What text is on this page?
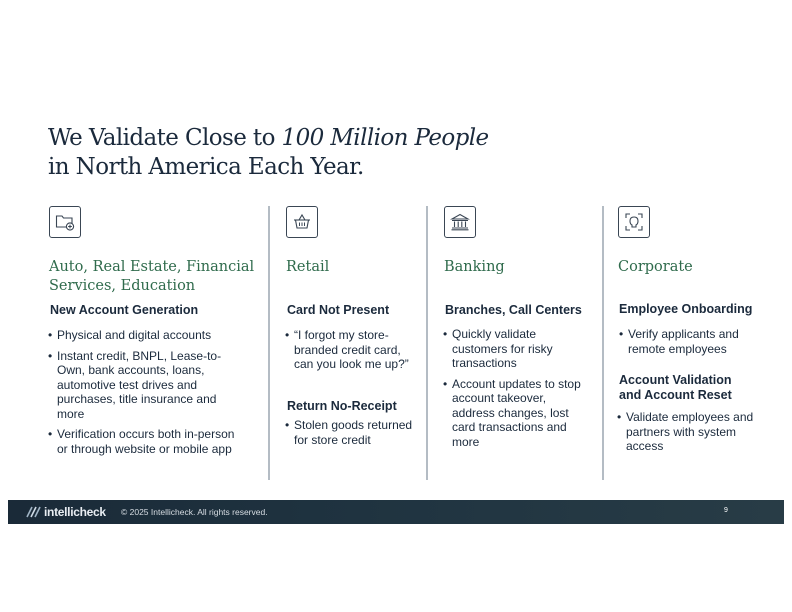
We Validate Close to 100 Million People
in North America Each Year.
Auto, Real Estate, Financial
Services, Education
New Account Generation
• Physical and digital accounts
• Instant credit, BNPL, Lease-to-Own, bank accounts, loans, automotive test drives and purchases, title insurance and more
• Verification occurs both in-person or through website or mobile app
Retail
Card Not Present
• “I forgot my store-branded credit card, can you look me up?”
Return No-Receipt
• Stolen goods returned for store credit
Banking
Branches, Call Centers
• Quickly validate customers for risky transactions
• Account updates to stop account takeover, address changes, lost card transactions and more
Corporate
Employee Onboarding
• Verify applicants and remote employees
Account Validation
and Account Reset
• Validate employees and partners with system access
intellicheck © 2025 Intellicheck. All rights reserved.	9
